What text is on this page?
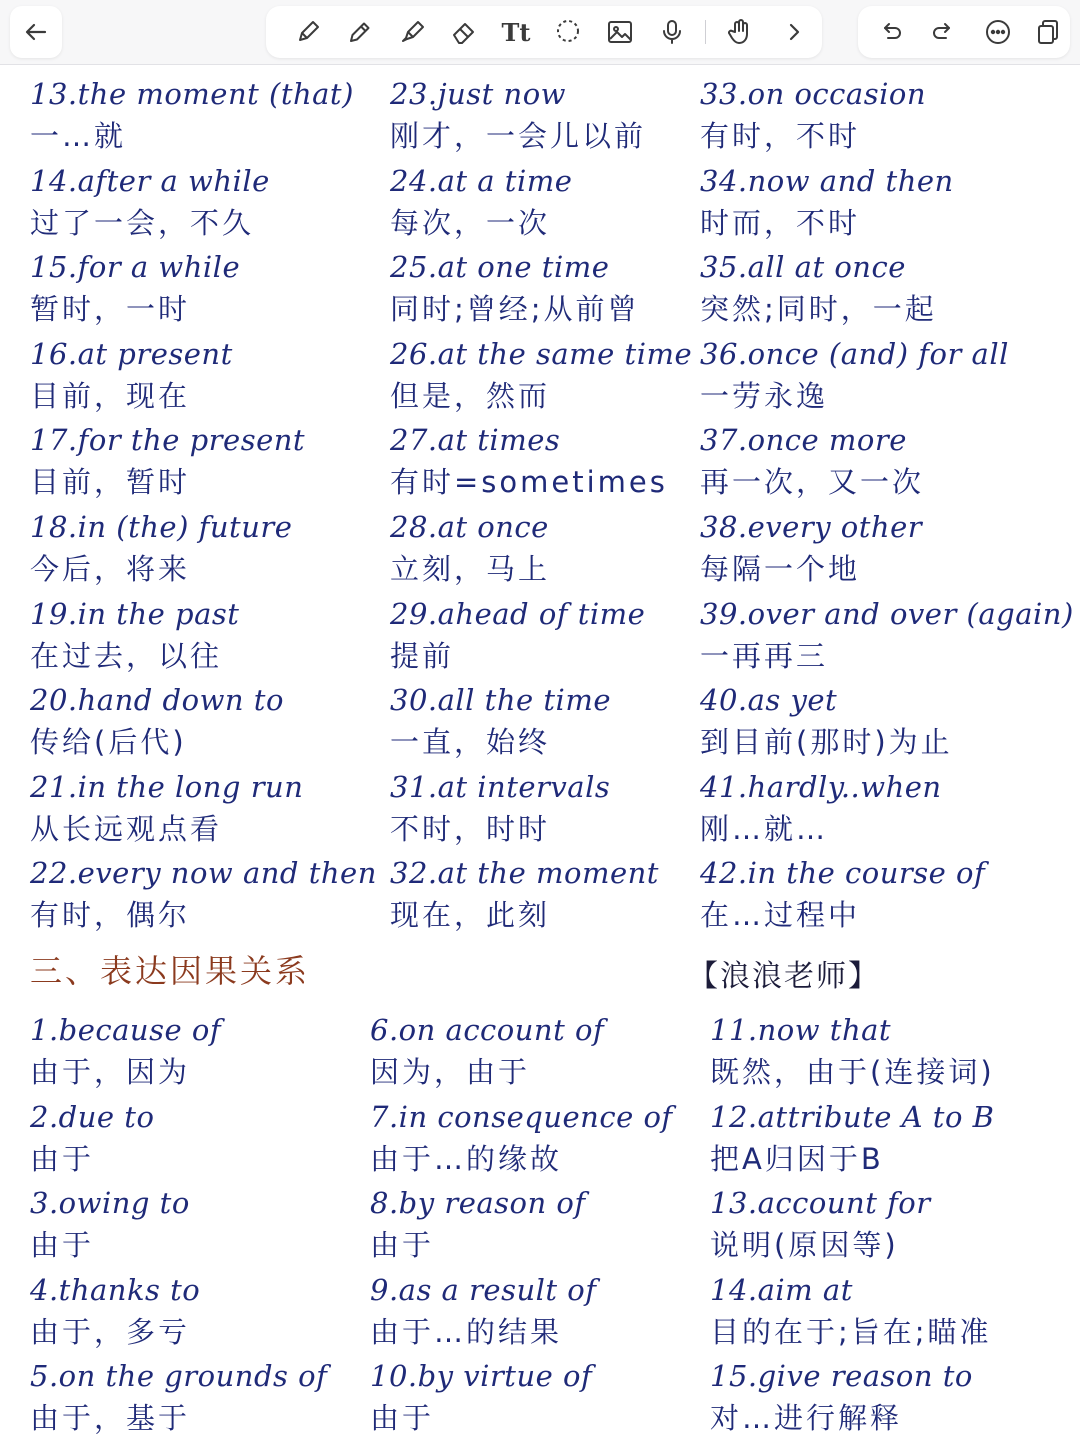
Tt
13.the moment (that)
一…就
14.after a while
过了一会，不久
15.for a while
暂时，一时
16.at present
目前，现在
17.for the present
目前，暂时
18.in (the) future
今后，将来
19.in the past
在过去，以往
20.hand down to
传给(后代)
21.in the long run
从长远观点看
22.every now and then
有时，偶尔
23.just now
刚才，一会儿以前
24.at a time
每次，一次
25.at one time
同时;曾经;从前曾
26.at the same time
但是，然而
27.at times
有时=sometimes
28.at once
立刻，马上
29.ahead of time
提前
30.all the time
一直，始终
31.at intervals
不时，时时
32.at the moment
现在，此刻
33.on occasion
有时，不时
34.now and then
时而，不时
35.all at once
突然;同时，一起
36.once (and) for all
一劳永逸
37.once more
再一次，又一次
38.every other
每隔一个地
39.over and over (again)
一再再三
40.as yet
到目前(那时)为止
41.hardly..when
刚…就…
42.in the course of
在…过程中
三、表达因果关系	【浪浪老师】
1.because of
由于，因为
2.due to
由于
3.owing to
由于
4.thanks to
由于，多亏
5.on the grounds of
由于，基于
6.on account of
因为，由于
7.in consequence of
由于…的缘故
8.by reason of
由于
9.as a result of
由于…的结果
10.by virtue of
由于
11.now that
既然，由于(连接词)
12.attribute A to B
把A归因于B
13.account for
说明(原因等)
14.aim at
目的在于;旨在;瞄准
15.give reason to
对…进行解释
